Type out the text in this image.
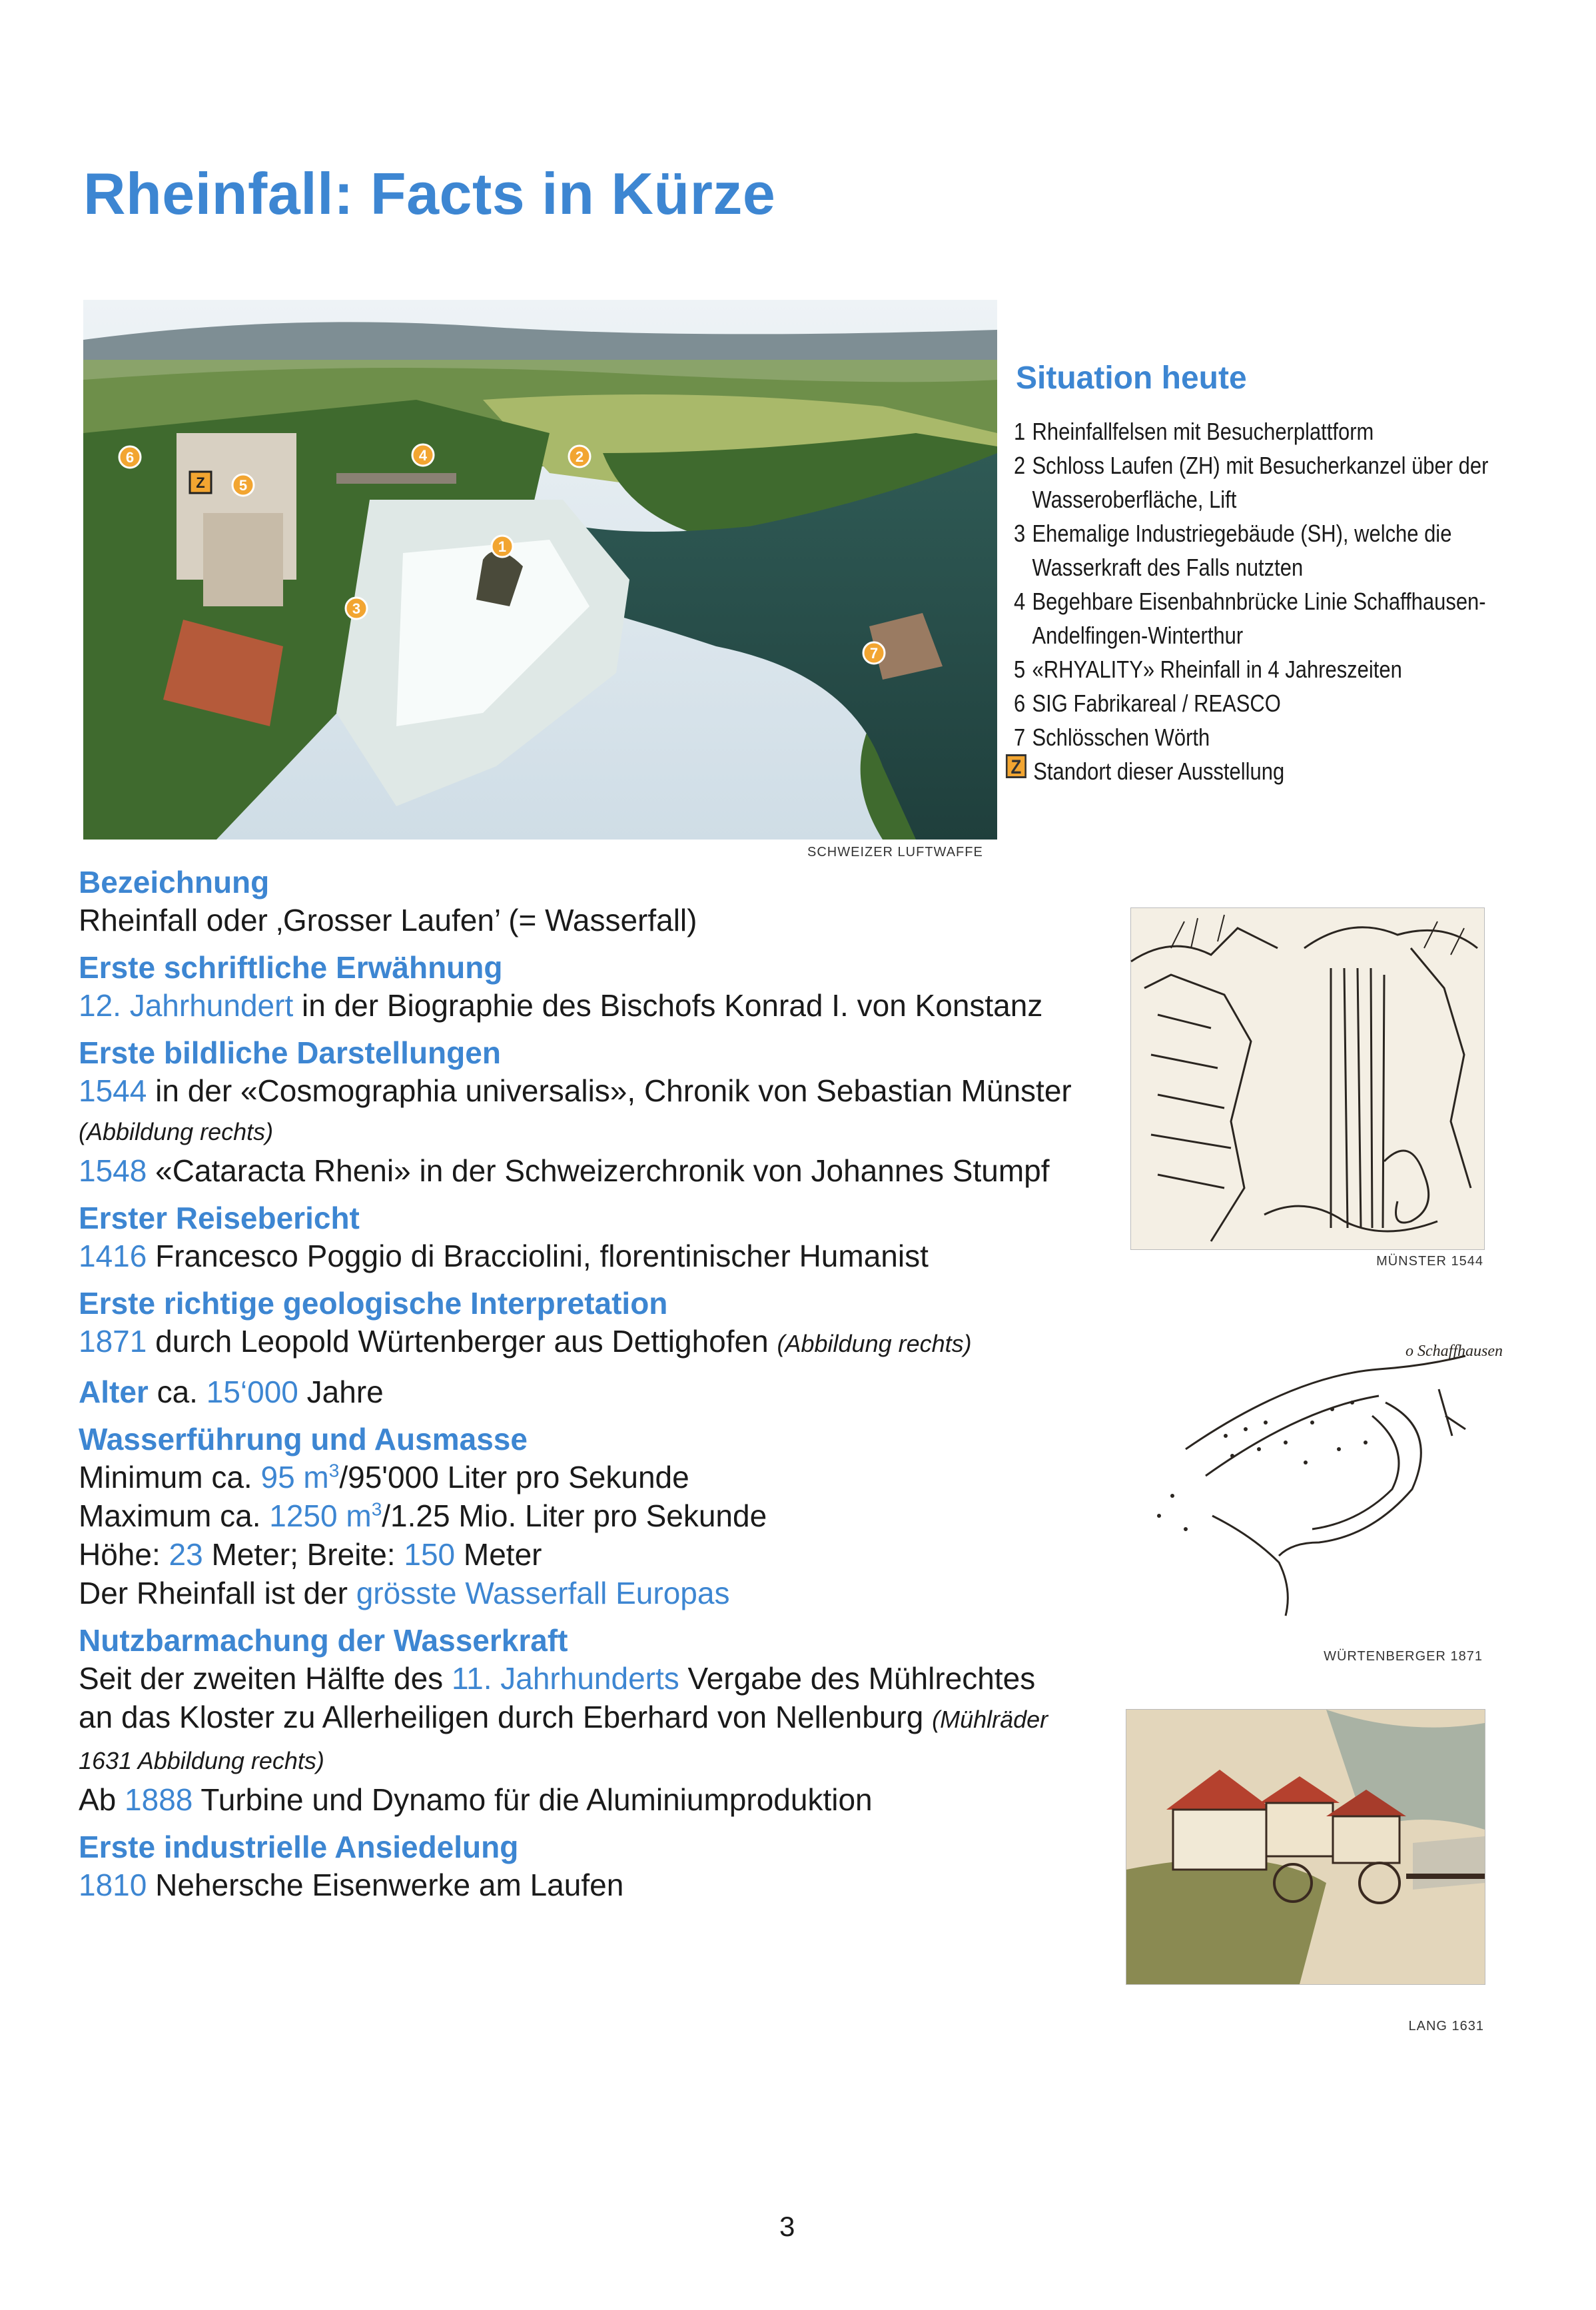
Rheinfall: Facts in Kürze
1
2
3
4
5
6
7
Z
SCHWEIZER LUFTWAFFE
Situation heute
1 Rheinfallfelsen mit Besucherplattform
2 Schloss Laufen (ZH) mit Besucherkanzel über der Wasseroberfläche, Lift
3 Ehemalige Industriegebäude (SH), welche die Wasserkraft des Falls nutzten
4 Begehbare Eisenbahnbrücke Linie Schaffhausen-Andelfingen-Winterthur
5 «RHYALITY» Rheinfall in 4 Jahreszeiten
6 SIG Fabrikareal / REASCO
7 Schlösschen Wörth
Z Standort dieser Ausstellung
Bezeichnung
Rheinfall oder ‚Grosser Laufen’ (= Wasserfall)
Erste schriftliche Erwähnung
12. Jahrhundert in der Biographie des Bischofs Konrad I. von Konstanz
Erste bildliche Darstellungen
1544 in der «Cosmographia universalis», Chronik von Sebastian Münster (Abbildung rechts)
1548 «Cataracta Rheni» in der Schweizerchronik von Johannes Stumpf
Erster Reisebericht
1416 Francesco Poggio di Bracciolini, florentinischer Humanist
Erste richtige geologische Interpretation
1871 durch Leopold Würtenberger aus Dettighofen (Abbildung rechts)
Alter ca. 15‘000 Jahre
Wasserführung und Ausmasse
Minimum ca. 95 $m^3/95'000$ Liter pro Sekunde
Maximum ca. 1250 $m^3/1.25$ Mio. Liter pro Sekunde
Höhe: 23 Meter; Breite: 150 Meter
Der Rheinfall ist der grösste Wasserfall Europas
Nutzbarmachung der Wasserkraft
Seit der zweiten Hälfte des 11. Jahrhunderts Vergabe des Mühlrechtes an das Kloster zu Allerheiligen durch Eberhard von Nellenburg (Mühlräder 1631 Abbildung rechts)
Ab 1888 Turbine und Dynamo für die Aluminiumproduktion
Erste industrielle Ansiedelung
1810 Nehersche Eisenwerke am Laufen
MÜNSTER 1544
o Schaffhausen
WÜRTENBERGER 1871
LANG 1631
3
